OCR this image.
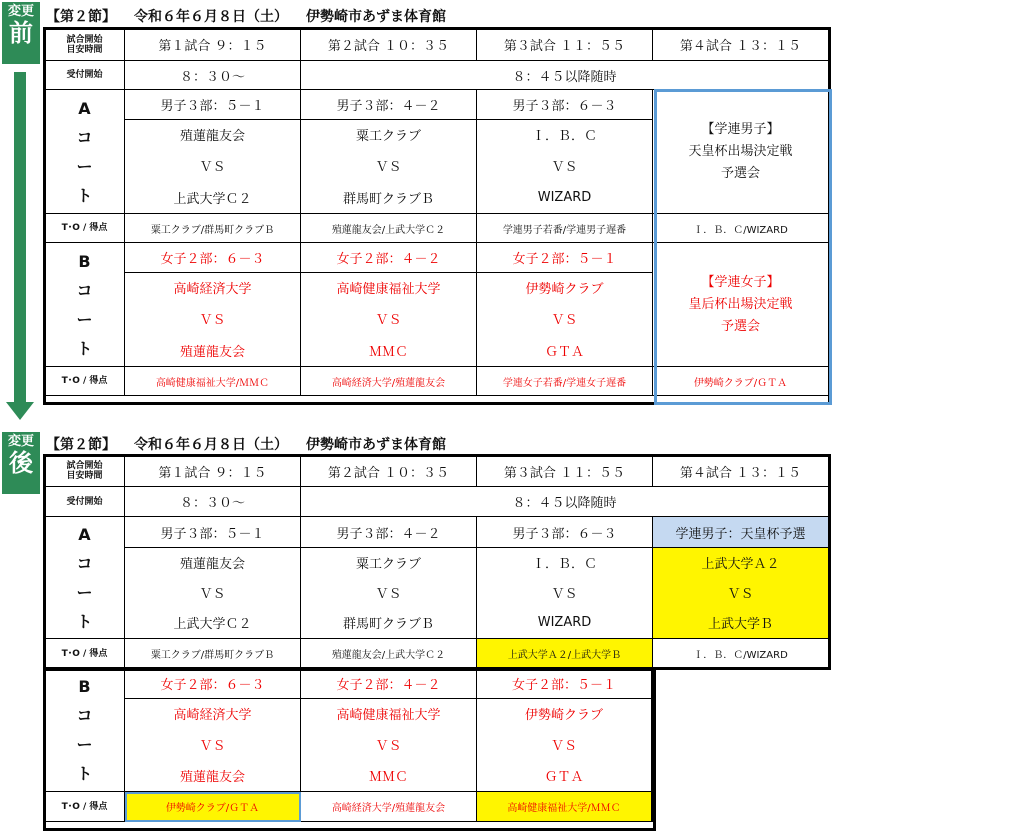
変更
前
【第２節】 令和６年６月８日（土） 伊勢崎市あずま体育館
試合開始
目安時間	第１試合 ９：１５	第２試合 １０：３５	第３試合 １１：５５	第４試合 １３：１５
受付開始	８：３０〜	８：４５以降随時		
A
コ
ー
ト	男子３部：５－１	男子３部：４－２	男子３部：６－３	【学連男子】
天皇杯出場決定戦
予選会
	殖蓮龍友会	粟工クラブ	Ｉ．Ｂ．Ｃ	
	ＶＳ	ＶＳ	ＶＳ	
	上武大学Ｃ２	群馬町クラブＢ	WIZARD	
T･O / 得点	粟工クラブ/群馬町クラブＢ	殖蓮龍友会/上武大学Ｃ２	学連男子若番/学連男子遅番	Ｉ．Ｂ．Ｃ/WIZARD
B
コ
ー
ト	女子２部：６－３	女子２部：４－２	女子２部：５－１	【学連女子】
皇后杯出場決定戦
予選会
	高崎経済大学	高崎健康福祉大学	伊勢崎クラブ	
	ＶＳ	ＶＳ	ＶＳ	
	殖蓮龍友会	ＭＭＣ	ＧＴＡ	
T･O / 得点	高崎健康福祉大学/ＭＭＣ	高崎経済大学/殖蓮龍友会	学連女子若番/学連女子遅番	伊勢崎クラブ/ＧＴＡ
変更
後
【第２節】 令和６年６月８日（土） 伊勢崎市あずま体育館
試合開始
目安時間	第１試合 ９：１５	第２試合 １０：３５	第３試合 １１：５５	第４試合 １３：１５
受付開始	８：３０〜	８：４５以降随時		
A
コ
ー
ト	男子３部：５－１	男子３部：４－２	男子３部：６－３	学連男子：天皇杯予選
	殖蓮龍友会	粟工クラブ	Ｉ．Ｂ．Ｃ	上武大学Ａ２
	ＶＳ	ＶＳ	ＶＳ	ＶＳ
	上武大学Ｃ２	群馬町クラブＢ	WIZARD	上武大学Ｂ
T･O / 得点	粟工クラブ/群馬町クラブＢ	殖蓮龍友会/上武大学Ｃ２	上武大学Ａ２/上武大学Ｂ	Ｉ．Ｂ．Ｃ/WIZARD
B
コ
ー
ト	女子２部：６－３	女子２部：４－２	女子２部：５－１	
	高崎経済大学	高崎健康福祉大学	伊勢崎クラブ	
	ＶＳ	ＶＳ	ＶＳ	
	殖蓮龍友会	ＭＭＣ	ＧＴＡ	
T･O / 得点	伊勢崎クラブ/ＧＴＡ	高崎経済大学/殖蓮龍友会	高崎健康福祉大学/ＭＭＣ	
